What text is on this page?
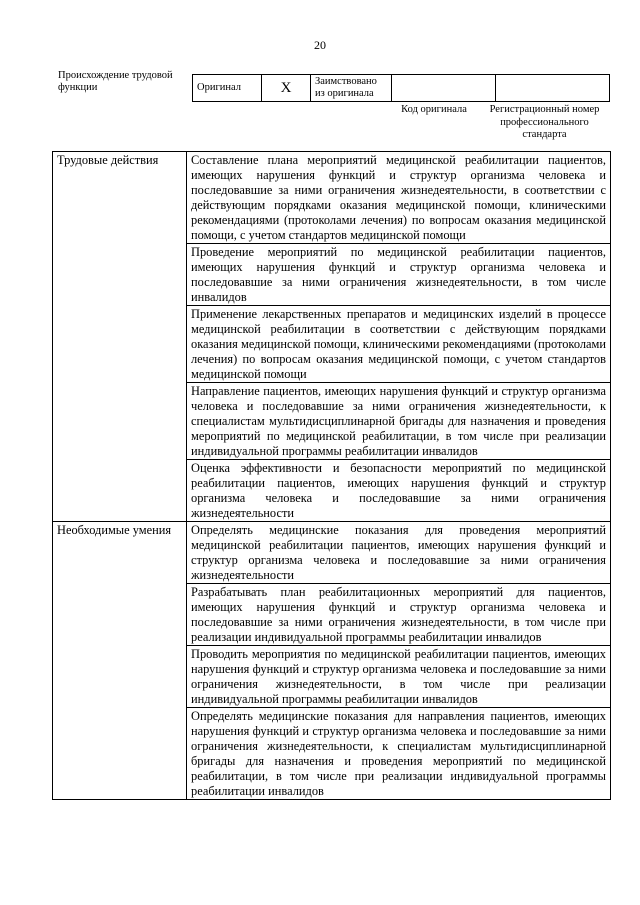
20
Происхождение трудовой функции	Оригинал	X	Заимствовано из оригинала		
Код оригинала	Регистрационный номер профессионального стандарта
Трудовые действия	Составление плана мероприятий медицинской реабилитации пациентов, имеющих нарушения функций и структур организма человека и последовавшие за ними ограничения жизнедеятельности, в соответствии с действующим порядками оказания медицинской помощи, клиническими рекомендациями (протоколами лечения) по вопросам оказания медицинской помощи, с учетом стандартов медицинской помощи
	Проведение мероприятий по медицинской реабилитации пациентов, имеющих нарушения функций и структур организма человека и последовавшие за ними ограничения жизнедеятельности, в том числе инвалидов
	Применение лекарственных препаратов и медицинских изделий в процессе медицинской реабилитации в соответствии с действующим порядками оказания медицинской помощи, клиническими рекомендациями (протоколами лечения) по вопросам оказания медицинской помощи, с учетом стандартов медицинской помощи
	Направление пациентов, имеющих нарушения функций и структур организма человека и последовавшие за ними ограничения жизнедеятельности, к специалистам мультидисциплинарной бригады для назначения и проведения мероприятий по медицинской реабилитации, в том числе при реализации индивидуальной программы реабилитации инвалидов
	Оценка эффективности и безопасности мероприятий по медицинской реабилитации пациентов, имеющих нарушения функций и структур организма человека и последовавшие за ними ограничения жизнедеятельности
Необходимые умения	Определять медицинские показания для проведения мероприятий медицинской реабилитации пациентов, имеющих нарушения функций и структур организма человека и последовавшие за ними ограничения жизнедеятельности
	Разрабатывать план реабилитационных мероприятий для пациентов, имеющих нарушения функций и структур организма человека и последовавшие за ними ограничения жизнедеятельности, в том числе при реализации индивидуальной программы реабилитации инвалидов
	Проводить мероприятия по медицинской реабилитации пациентов, имеющих нарушения функций и структур организма человека и последовавшие за ними ограничения жизнедеятельности, в том числе при реализации индивидуальной программы реабилитации инвалидов
	Определять медицинские показания для направления пациентов, имеющих нарушения функций и структур организма человека и последовавшие за ними ограничения жизнедеятельности, к специалистам мультидисциплинарной бригады для назначения и проведения мероприятий по медицинской реабилитации, в том числе при реализации индивидуальной программы реабилитации инвалидов
